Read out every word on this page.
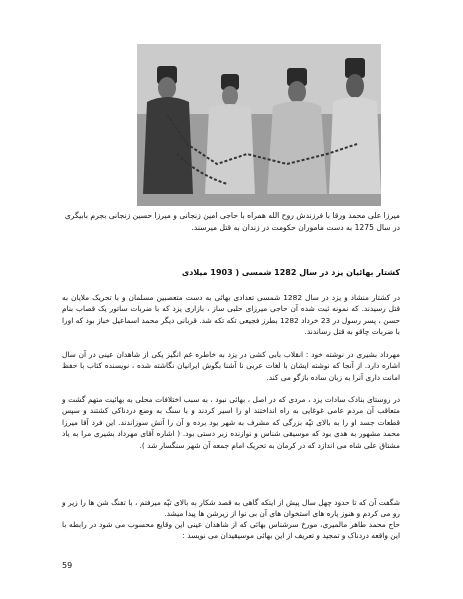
میرزا علی محمد ورقا با فرزندش روح الله همراه با حاجی امین زنجانی و میرزا حسین زنجانی بجرم بابیگری در سال 1275 به دست ماموران حکومت در زندان به قتل میرسند.
کشتار بهائیان یزد در سال 1282 شمسی ( 1903 میلادی
در کشتار منشاد و یزد در سال 1282 شمسی تعدادی بهائی به دست متعصبین مسلمان و با تحریک ملایان به قتل رسیدند. که نمونه ثبت شده آن حاجی میرزای حلبی ساز ، بازاری یزد که با ضربات ساتور یک قصاب بنام حسن ، پسر رسول در 23 خرداد 1282 بطرز فجیعی تکه تکه شد. قربانی دیگر محمد اسماعیل خباز بود که اورا با ضربات چاقو به قتل رساندند.
مهرداد بشیری در نوشته خود : انقلاب بابی کشی در یزد به خاطره غم انگیز یکی از شاهدان عینی در آن سال اشاره دارد. از آنجا که نوشته ایشان با لغات عربی نا آشنا بگوش ایرانیان نگاشته شده ، نویسنده کتاب با حفظ امانت داری آنرا به زبان ساده بازگو می کند.
در روستای بنادک سادات یزد ، مردی که در اصل ، بهائی نبود ، به سبب اختلافات محلی به بهائیت متهم گشت و متعاقب آن مردم عامی غوغایی به راه انداختند او را اسیر کردند و با سنگ به وضع دردناکی کشتند و سپس قطعات جسد او را به بالای تپّه بزرگی که مشرف به شهر بود برده و آن را آتش سوزاندند. این فرد آقا میرزا محمد مشهور به هدی بود که موسیقی شناس و نوازنده زبر دستی بود. ( اشاره آقای مهرداد بشیری مرا به یاد مشتاق علی شاه می اندازد که در کرمان به تحریک امام جمعه آن شهر سنگسار شد ).
شگفت آن که تا حدود چهل سال پیش از اینکه گاهی به قصد شکار به بالای تپّه میرفتم ، با تفنگ شن ها را زیر و رو می کردم و هنوز پاره های استخوان های آن بی نوا از زیرشن ها پیدا میشد.
حاج محمد طاهر مالمیری، مورخ سرشناس بهائی که از شاهدان عینی این وقایع محسوب می شود در رابطه با این واقعه دردناک و تمجید و تعریف از این بهائی موسیقیدان می نویسد :
59
